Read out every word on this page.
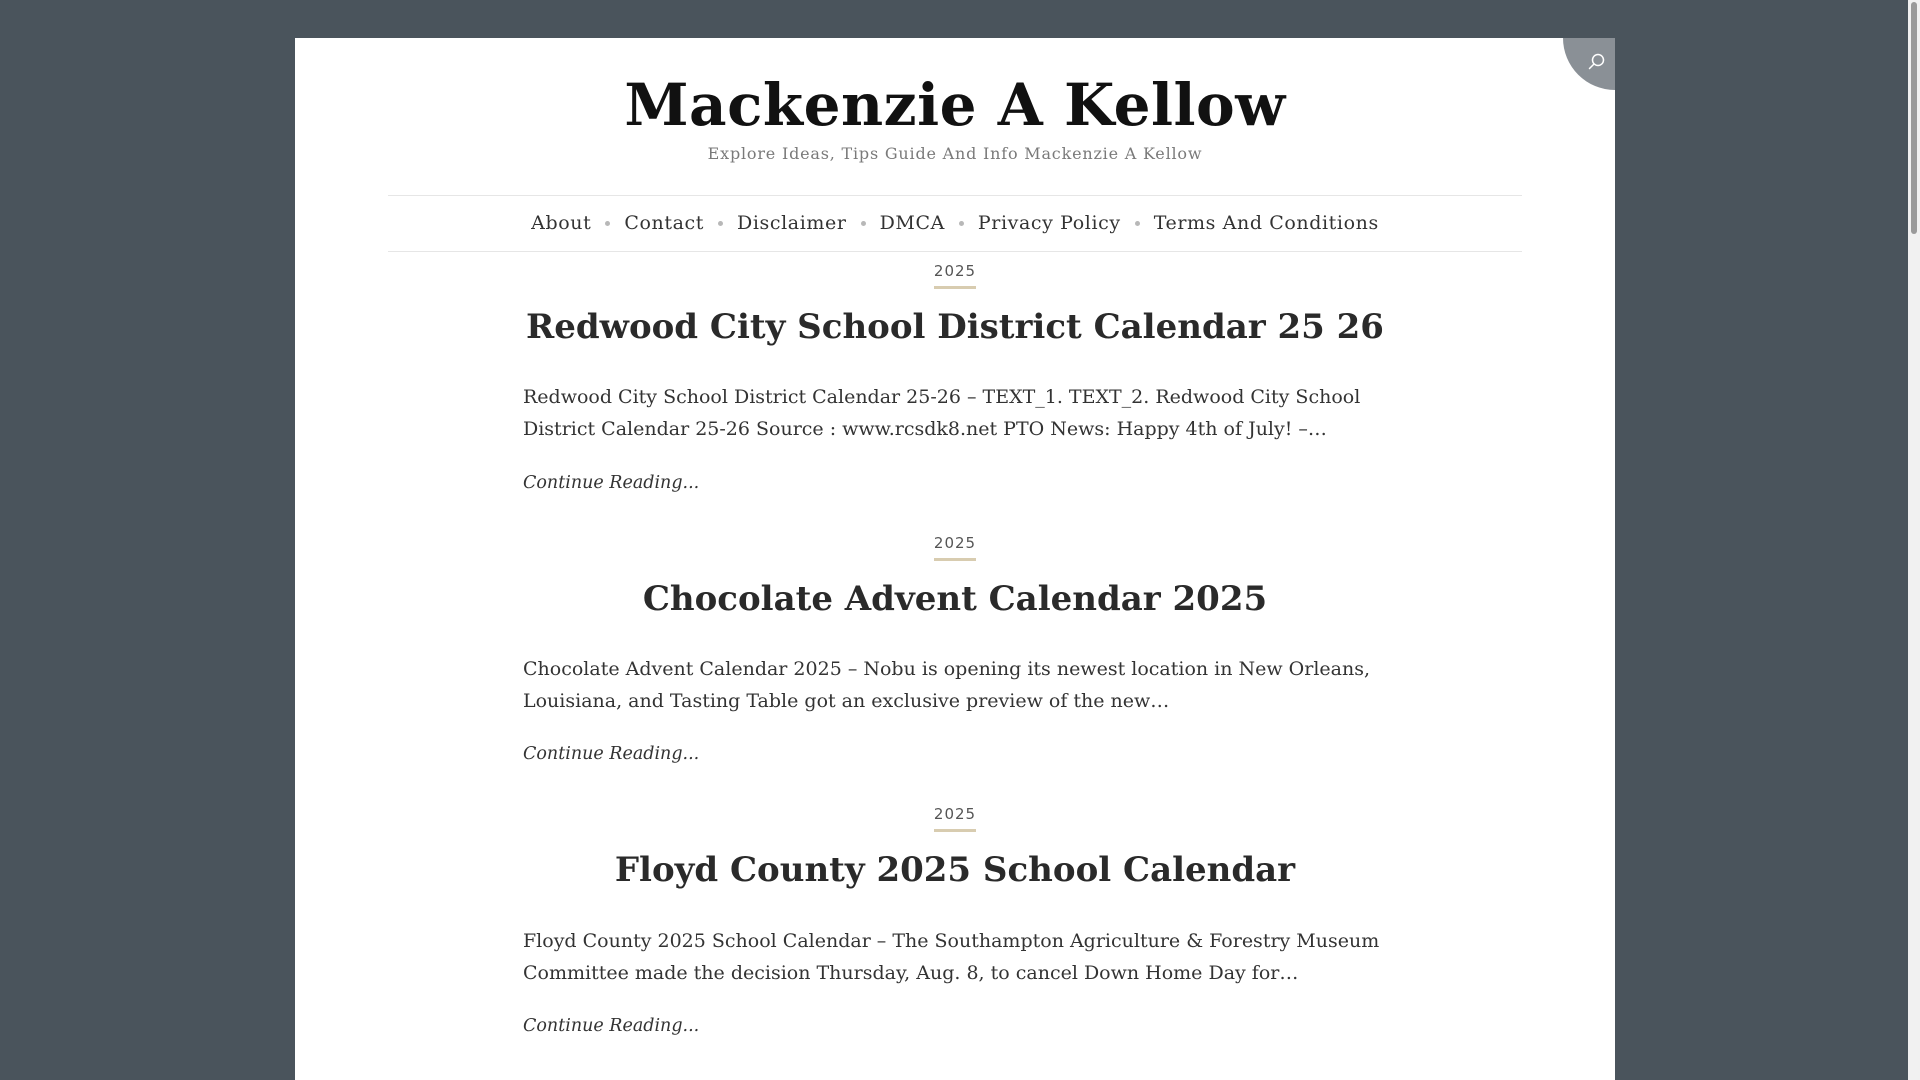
Mackenzie A Kellow
Explore Ideas, Tips Guide And Info Mackenzie A Kellow
About Contact Disclaimer DMCA Privacy Policy Terms And Conditions
2025
Redwood City School District Calendar 25 26

Redwood City School District Calendar 25-26 – TEXT_1. TEXT_2. Redwood City School District Calendar 25-26 Source : www.rcsdk8.net PTO News: Happy 4th of July! –…

Continue Reading...
2025
Chocolate Advent Calendar 2025

Chocolate Advent Calendar 2025 – Nobu is opening its newest location in New Orleans, Louisiana, and Tasting Table got an exclusive preview of the new…

Continue Reading...
2025
Floyd County 2025 School Calendar

Floyd County 2025 School Calendar – The Southampton Agriculture & Forestry Museum Committee made the decision Thursday, Aug. 8, to cancel Down Home Day for…

Continue Reading...
